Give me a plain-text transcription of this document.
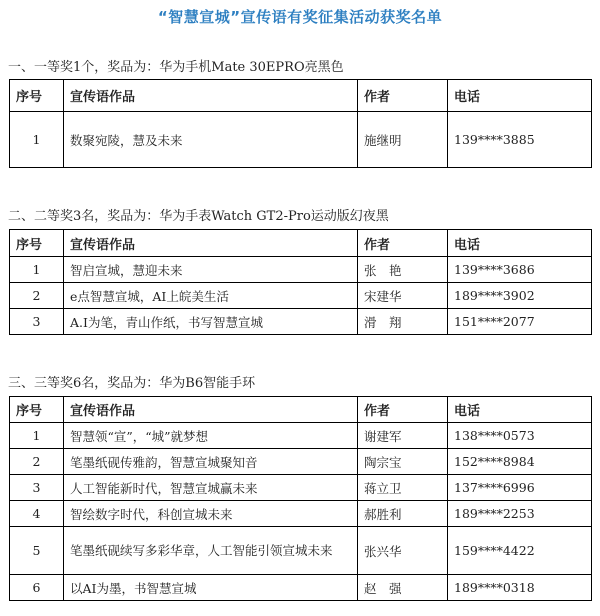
“智慧宣城”宣传语有奖征集活动获奖名单
一、一等奖1个，奖品为：华为手机Mate 30EPRO亮黑色
序号	宣传语作品	作者	电话
1	数聚宛陵，慧及未来	施继明	139****3885
二、二等奖3名，奖品为：华为手表Watch GT2-Pro运动版幻夜黑
序号	宣传语作品	作者	电话
1	智启宣城，慧迎未来	张　艳	139****3686
2	e点智慧宣城，AI上皖美生活	宋建华	189****3902
3	A.I为笔，青山作纸，书写智慧宣城	滑　翔	151****2077
三、三等奖6名，奖品为：华为B6智能手环
序号	宣传语作品	作者	电话
1	智慧领“宣”，“城”就梦想	谢建军	138****0573
2	笔墨纸砚传雅韵，智慧宣城聚知音	陶宗宝	152****8984
3	人工智能新时代，智慧宣城赢未来	蒋立卫	137****6996
4	智绘数字时代，科创宣城未来	郝胜利	189****2253
5	笔墨纸砚续写多彩华章，人工智能引领宣城未来	张兴华	159****4422
6	以AI为墨，书智慧宣城	赵　强	189****0318
